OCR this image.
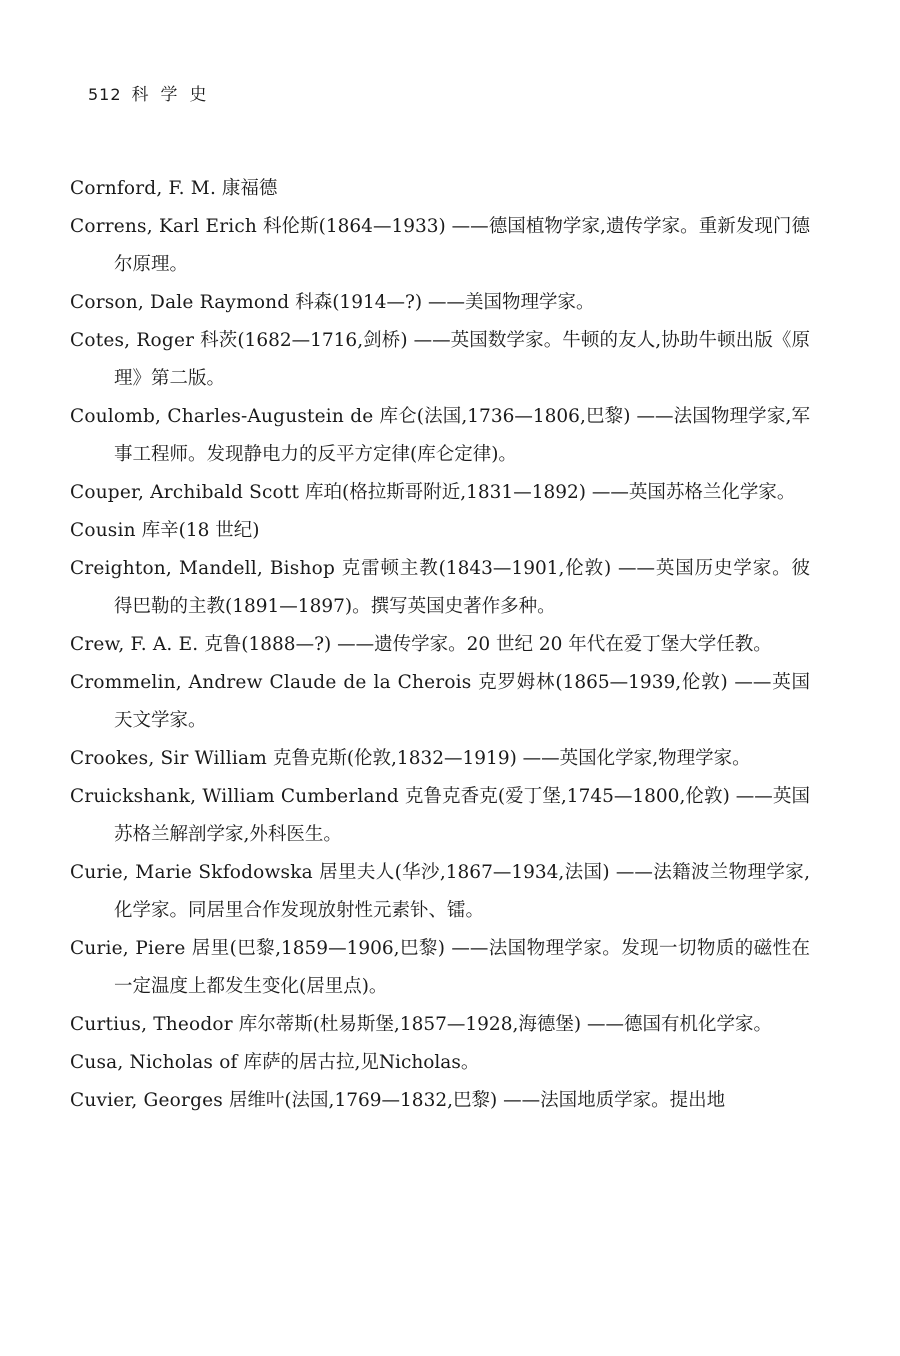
512 科学史

Cornford, F. M. 康福德

Correns, Karl Erich 科伦斯(1864—1933) ——德国植物学家,遗传学家。重新发现门德尔原理。

Corson, Dale Raymond 科森(1914—?) ——美国物理学家。

Cotes, Roger 科茨(1682—1716,剑桥) ——英国数学家。牛顿的友人,协助牛顿出版《原理》第二版。

Coulomb, Charles-Augustein de 库仑(法国,1736—1806,巴黎) ——法国物理学家,军事工程师。发现静电力的反平方定律(库仑定律)。

Couper, Archibald Scott 库珀(格拉斯哥附近,1831—1892) ——英国苏格兰化学家。

Cousin 库辛(18 世纪)

Creighton, Mandell, Bishop 克雷顿主教(1843—1901,伦敦) ——英国历史学家。彼得巴勒的主教(1891—1897)。撰写英国史著作多种。

Crew, F. A. E. 克鲁(1888—?) ——遗传学家。20 世纪 20 年代在爱丁堡大学任教。

Crommelin, Andrew Claude de la Cherois 克罗姆林(1865—1939,伦敦) ——英国天文学家。

Crookes, Sir William 克鲁克斯(伦敦,1832—1919) ——英国化学家,物理学家。

Cruickshank, William Cumberland 克鲁克香克(爱丁堡,1745—1800,伦敦) ——英国苏格兰解剖学家,外科医生。

Curie, Marie Skfodowska 居里夫人(华沙,1867—1934,法国) ——法籍波兰物理学家,化学家。同居里合作发现放射性元素钋、镭。

Curie, Piere 居里(巴黎,1859—1906,巴黎) ——法国物理学家。发现一切物质的磁性在一定温度上都发生变化(居里点)。

Curtius, Theodor 库尔蒂斯(杜易斯堡,1857—1928,海德堡) ——德国有机化学家。

Cusa, Nicholas of 库萨的居古拉,见Nicholas。

Cuvier, Georges 居维叶(法国,1769—1832,巴黎) ——法国地质学家。提出地
